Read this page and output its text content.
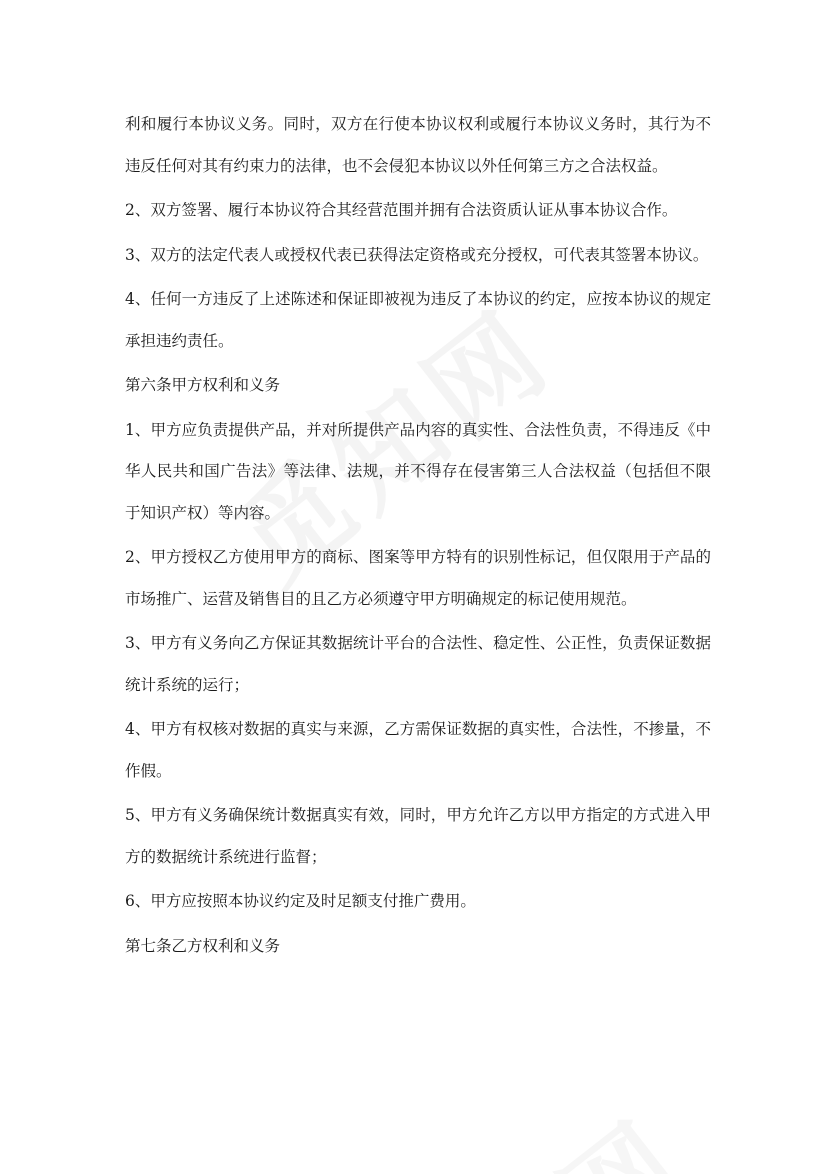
利和履行本协议义务。同时，双方在行使本协议权利或履行本协议义务时，其行为不违反任何对其有约束力的法律，也不会侵犯本协议以外任何第三方之合法权益。

2、双方签署、履行本协议符合其经营范围并拥有合法资质认证从事本协议合作。

3、双方的法定代表人或授权代表已获得法定资格或充分授权，可代表其签署本协议。

4、任何一方违反了上述陈述和保证即被视为违反了本协议的约定，应按本协议的规定承担违约责任。

第六条甲方权利和义务

1、甲方应负责提供产品，并对所提供产品内容的真实性、合法性负责，不得违反《中华人民共和国广告法》等法律、法规，并不得存在侵害第三人合法权益（包括但不限于知识产权）等内容。

2、甲方授权乙方使用甲方的商标、图案等甲方特有的识别性标记，但仅限用于产品的市场推广、运营及销售目的且乙方必须遵守甲方明确规定的标记使用规范。

3、甲方有义务向乙方保证其数据统计平台的合法性、稳定性、公正性，负责保证数据统计系统的运行；

4、甲方有权核对数据的真实与来源，乙方需保证数据的真实性，合法性，不掺量，不作假。

5、甲方有义务确保统计数据真实有效，同时，甲方允许乙方以甲方指定的方式进入甲方的数据统计系统进行监督；

6、甲方应按照本协议约定及时足额支付推广费用。

第七条乙方权利和义务
